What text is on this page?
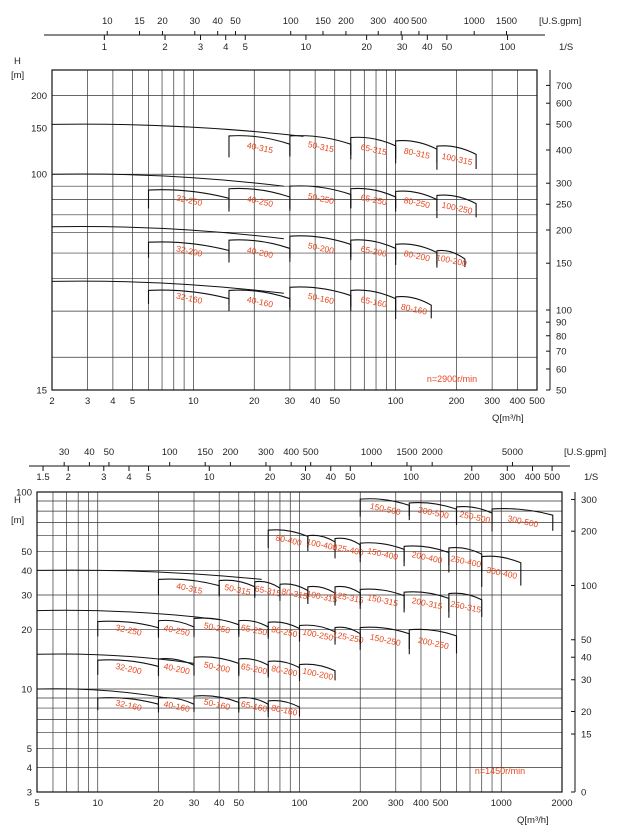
2	3 4 5	10	20	30 40 50	100	200 300 400 500
Q[m³/h]
15
100
150
200
H
[m]
50
60
70
80
90
100
150
200
250
300
400
500
600
700
10 15 20 30 40 50	100 150 200 300 400 500	1000 1500 [U.S.gpm]
1	2	3 4 5	10	20	30 40 50	100	1/S
32-160	40-160	50-160	65-160 80-160
32-200	40-200	50-200	65-200 80-200 100-200
32-250	40-250	50-250	65-250 80-250 100-250
40-315	50-315	65-315 80-315 100-315
n=2900r/min
5	10	20	30 40 50	100	200 300 400 500	1000	2000
Q[m³/h]
3
4
5
10
20
30
40
50
100
H
[m]
0
15
20
30
40
50
100
200
300
30 40 50	100 150 200 300 400 500	1000 1500 2000	5000	[U.S.gpm]
1.5 2	3 4 5	10	20	30 40 50	100	200 300 400 500	1/S
32-160 40-160 50-160 65-160 80-160
32-200 40-200 50-200 65-200 80-200 100-200
32-250 40-250 50-250 65-250 80-250 100-250
125-250 150-250 200-250
40-315 50-315 65-315
80-315
100-315
125-315 150-315 200-315 250-315
80-400 100-400
125-400 150-400 200-400 250-400
300-400
150-500 200-500 250-500 300-500
n=1450r/min
